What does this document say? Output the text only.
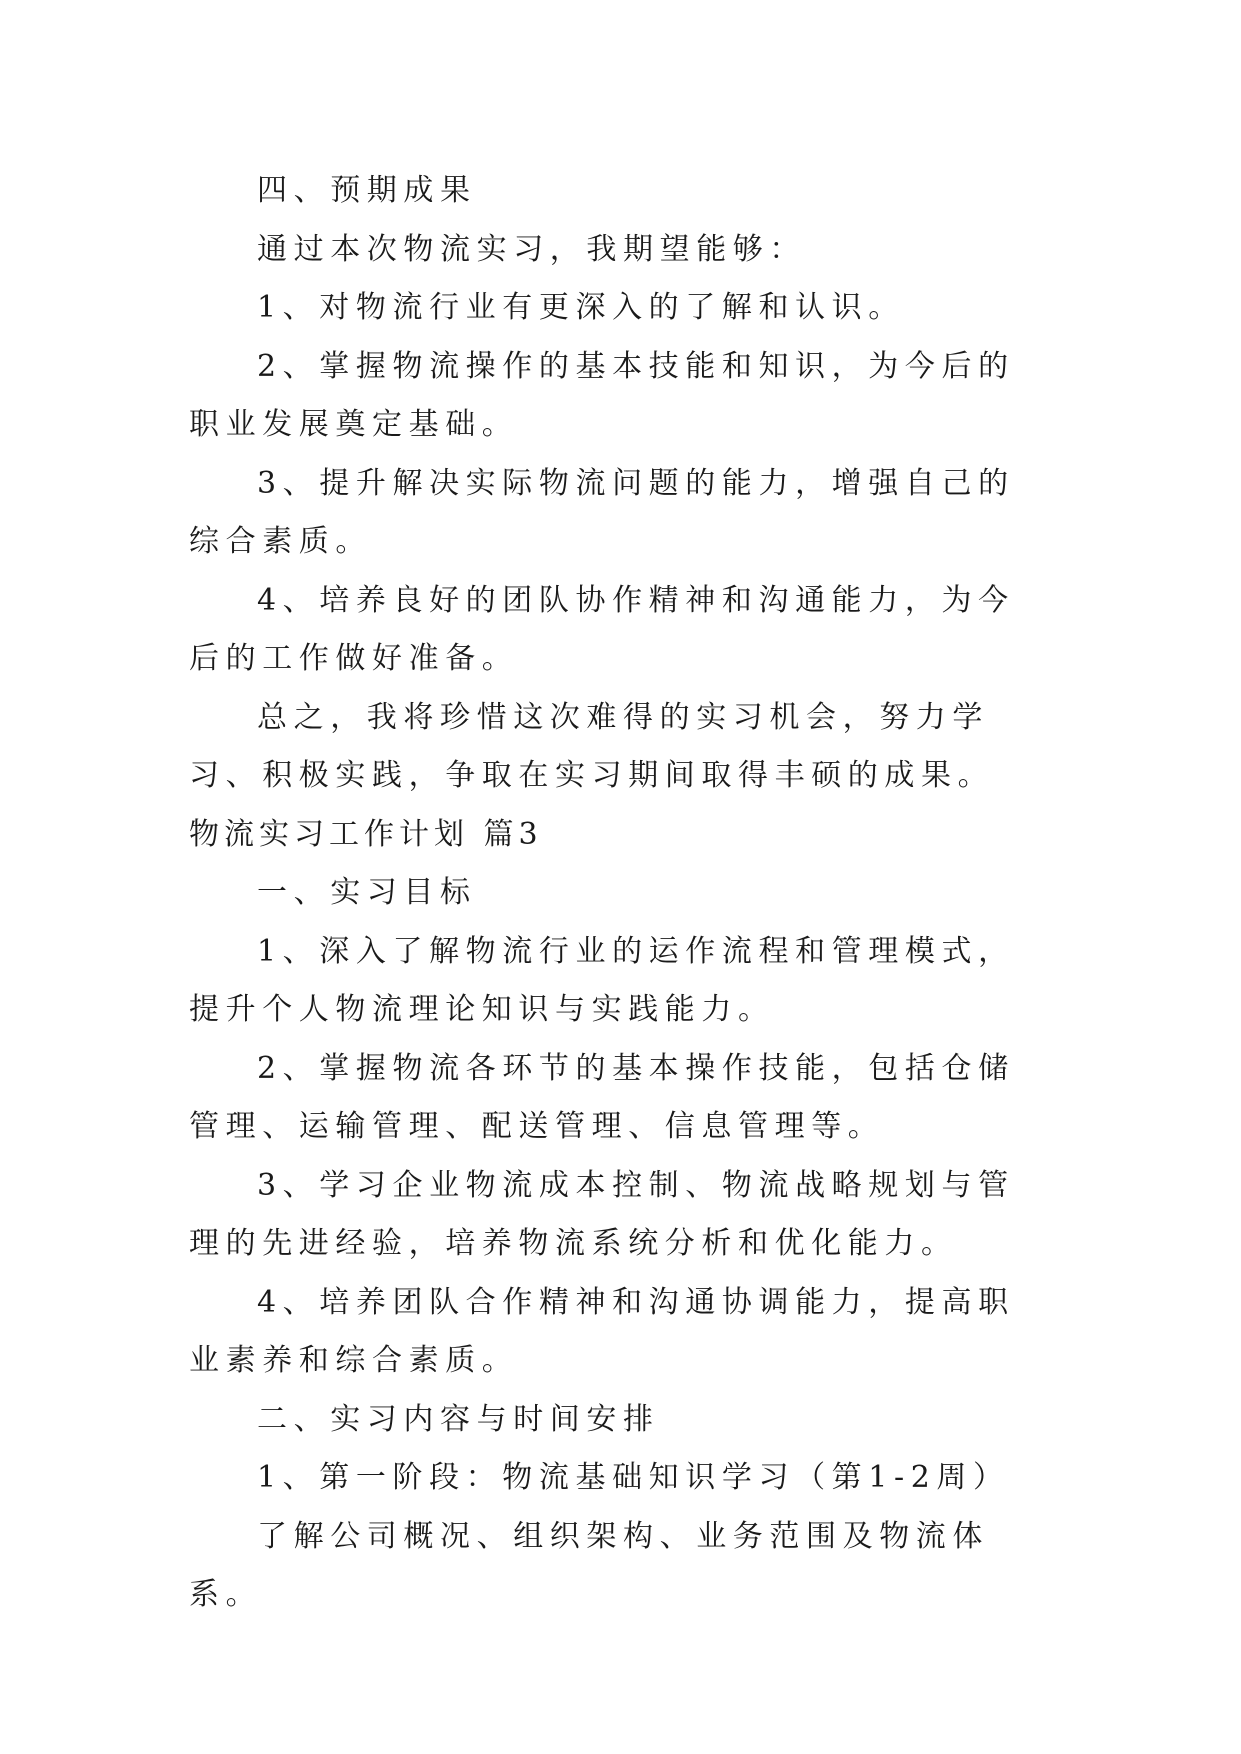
四、预期成果

通过本次物流实习，我期望能够：

1、对物流行业有更深入的了解和认识。

2、掌握物流操作的基本技能和知识，为今后的职业发展奠定基础。

3、提升解决实际物流问题的能力，增强自己的综合素质。

4、培养良好的团队协作精神和沟通能力，为今后的工作做好准备。

总之，我将珍惜这次难得的实习机会，努力学习、积极实践，争取在实习期间取得丰硕的成果。

物流实习工作计划 篇3

一、实习目标

1、深入了解物流行业的运作流程和管理模式，提升个人物流理论知识与实践能力。

2、掌握物流各环节的基本操作技能，包括仓储管理、运输管理、配送管理、信息管理等。

3、学习企业物流成本控制、物流战略规划与管理的先进经验，培养物流系统分析和优化能力。

4、培养团队合作精神和沟通协调能力，提高职业素养和综合素质。

二、实习内容与时间安排

1、第一阶段：物流基础知识学习（第1-2周）

了解公司概况、组织架构、业务范围及物流体系。
